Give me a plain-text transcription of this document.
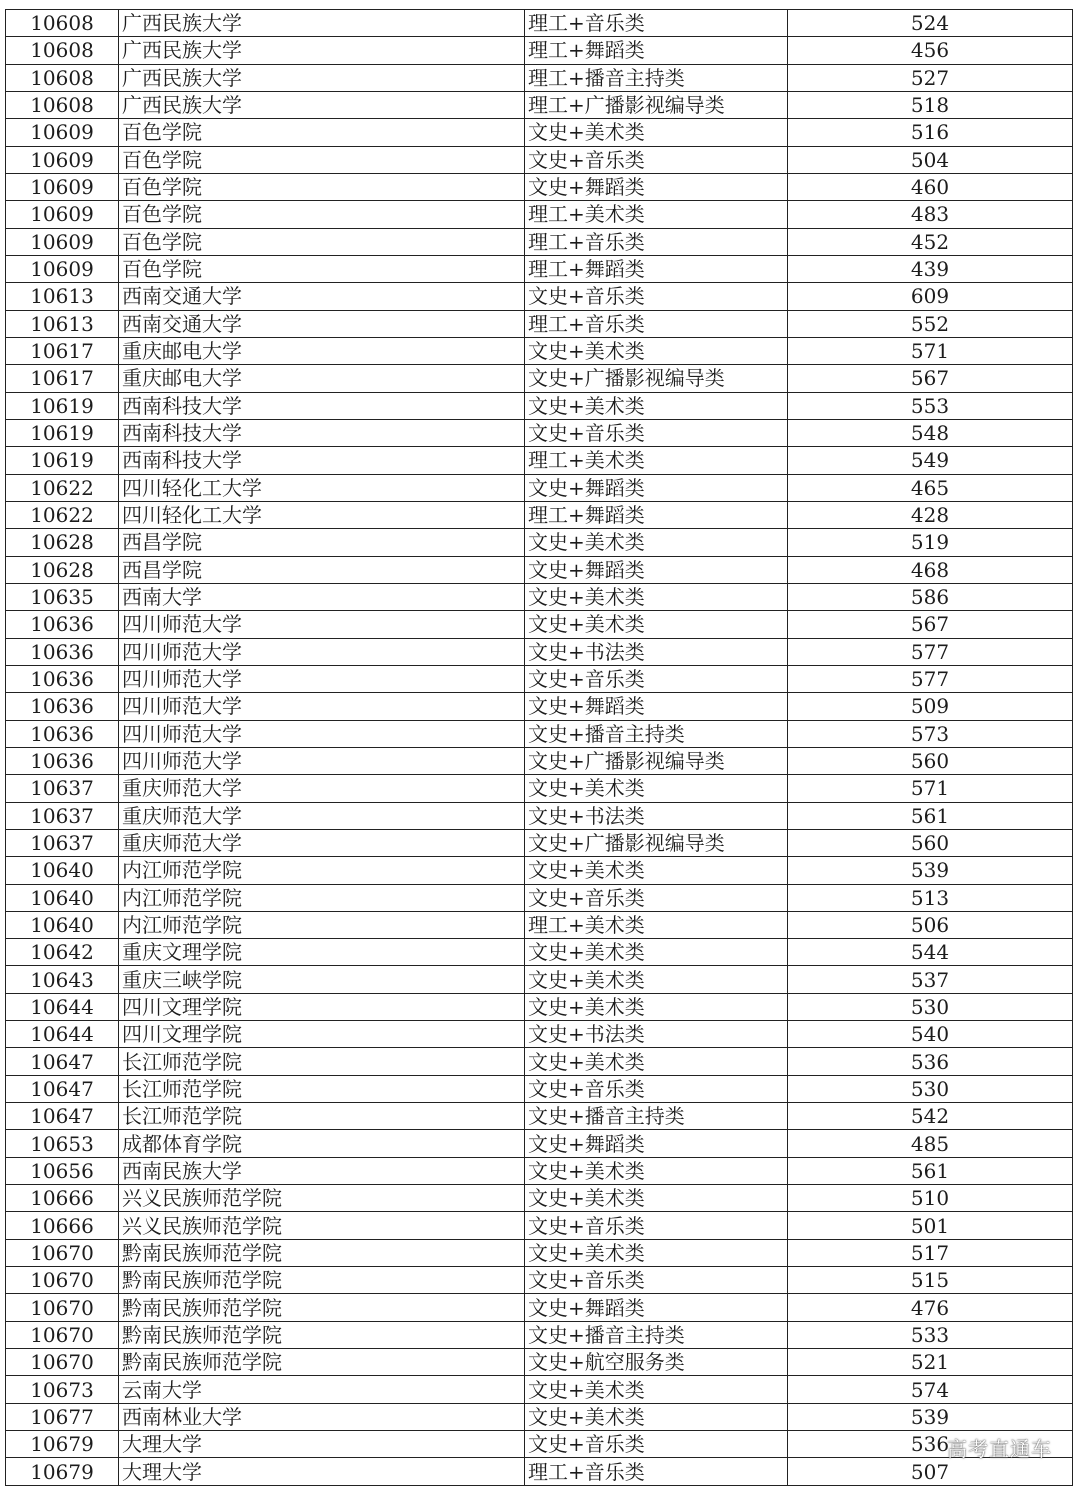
10608	广西民族大学	理工+音乐类	524
10608	广西民族大学	理工+舞蹈类	456
10608	广西民族大学	理工+播音主持类	527
10608	广西民族大学	理工+广播影视编导类	518
10609	百色学院	文史+美术类	516
10609	百色学院	文史+音乐类	504
10609	百色学院	文史+舞蹈类	460
10609	百色学院	理工+美术类	483
10609	百色学院	理工+音乐类	452
10609	百色学院	理工+舞蹈类	439
10613	西南交通大学	文史+音乐类	609
10613	西南交通大学	理工+音乐类	552
10617	重庆邮电大学	文史+美术类	571
10617	重庆邮电大学	文史+广播影视编导类	567
10619	西南科技大学	文史+美术类	553
10619	西南科技大学	文史+音乐类	548
10619	西南科技大学	理工+美术类	549
10622	四川轻化工大学	文史+舞蹈类	465
10622	四川轻化工大学	理工+舞蹈类	428
10628	西昌学院	文史+美术类	519
10628	西昌学院	文史+舞蹈类	468
10635	西南大学	文史+美术类	586
10636	四川师范大学	文史+美术类	567
10636	四川师范大学	文史+书法类	577
10636	四川师范大学	文史+音乐类	577
10636	四川师范大学	文史+舞蹈类	509
10636	四川师范大学	文史+播音主持类	573
10636	四川师范大学	文史+广播影视编导类	560
10637	重庆师范大学	文史+美术类	571
10637	重庆师范大学	文史+书法类	561
10637	重庆师范大学	文史+广播影视编导类	560
10640	内江师范学院	文史+美术类	539
10640	内江师范学院	文史+音乐类	513
10640	内江师范学院	理工+美术类	506
10642	重庆文理学院	文史+美术类	544
10643	重庆三峡学院	文史+美术类	537
10644	四川文理学院	文史+美术类	530
10644	四川文理学院	文史+书法类	540
10647	长江师范学院	文史+美术类	536
10647	长江师范学院	文史+音乐类	530
10647	长江师范学院	文史+播音主持类	542
10653	成都体育学院	文史+舞蹈类	485
10656	西南民族大学	文史+美术类	561
10666	兴义民族师范学院	文史+美术类	510
10666	兴义民族师范学院	文史+音乐类	501
10670	黔南民族师范学院	文史+美术类	517
10670	黔南民族师范学院	文史+音乐类	515
10670	黔南民族师范学院	文史+舞蹈类	476
10670	黔南民族师范学院	文史+播音主持类	533
10670	黔南民族师范学院	文史+航空服务类	521
10673	云南大学	文史+美术类	574
10677	西南林业大学	文史+美术类	539
10679	大理大学	文史+音乐类	536
10679	大理大学	理工+音乐类	507
高考直通车
